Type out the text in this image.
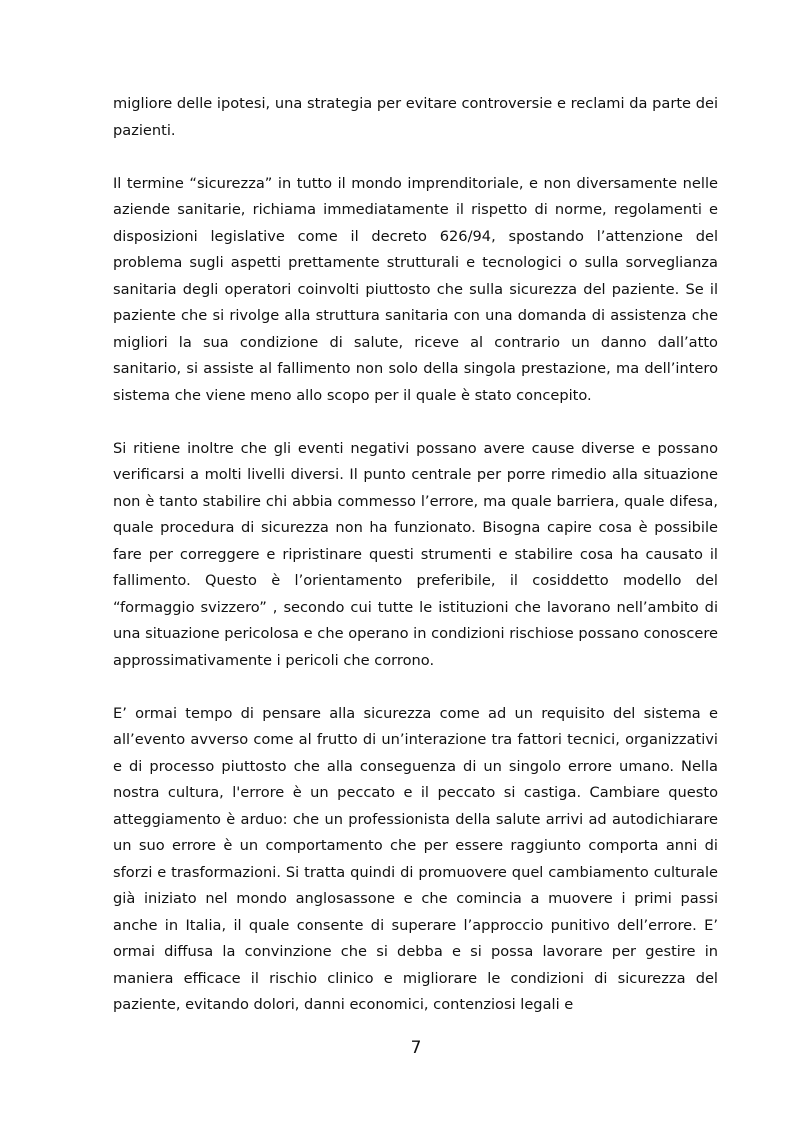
migliore delle ipotesi, una strategia per evitare controversie e reclami da parte dei pazienti.

Il termine “sicurezza” in tutto il mondo imprenditoriale, e non diversamente nelle aziende sanitarie, richiama immediatamente il rispetto di norme, regolamenti e disposizioni legislative come il decreto 626/94, spostando l’attenzione del problema sugli aspetti prettamente strutturali e tecnologici o sulla sorveglianza sanitaria degli operatori coinvolti piuttosto che sulla sicurezza del paziente. Se il paziente che si rivolge alla struttura sanitaria con una domanda di assistenza che migliori la sua condizione di salute, riceve al contrario un danno dall’atto sanitario, si assiste al fallimento non solo della singola prestazione, ma dell’intero sistema che viene meno allo scopo per il quale è stato concepito.

Si ritiene inoltre che gli eventi negativi possano avere cause diverse e possano verificarsi a molti livelli diversi. Il punto centrale per porre rimedio alla situazione non è tanto stabilire chi abbia commesso l’errore, ma quale barriera, quale difesa, quale procedura di sicurezza non ha funzionato. Bisogna capire cosa è possibile fare per correggere e ripristinare questi strumenti e stabilire cosa ha causato il fallimento. Questo è l’orientamento preferibile, il cosiddetto modello del “formaggio svizzero” , secondo cui tutte le istituzioni che lavorano nell’ambito di una situazione pericolosa e che operano in condizioni rischiose possano conoscere approssimativamente i pericoli che corrono.

E’ ormai tempo di pensare alla sicurezza come ad un requisito del sistema e all’evento avverso come al frutto di un’interazione tra fattori tecnici, organizzativi e di processo piuttosto che alla conseguenza di un singolo errore umano. Nella nostra cultura, l'errore è un peccato e il peccato si castiga. Cambiare questo atteggiamento è arduo: che un professionista della salute arrivi ad autodichiarare un suo errore è un comportamento che per essere raggiunto comporta anni di sforzi e trasformazioni. Si tratta quindi di promuovere quel cambiamento culturale già iniziato nel mondo anglosassone e che comincia a muovere i primi passi anche in Italia, il quale consente di superare l’approccio punitivo dell’errore. E’ ormai diffusa la convinzione che si debba e si possa lavorare per gestire in maniera efficace il rischio clinico e migliorare le condizioni di sicurezza del paziente, evitando dolori, danni economici, contenziosi legali e

7
